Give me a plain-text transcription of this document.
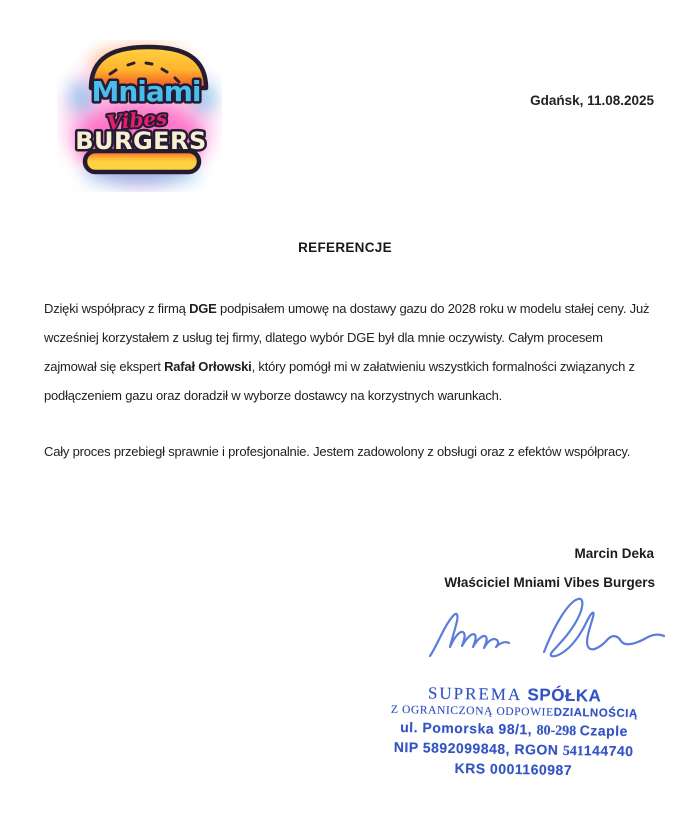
Mniami
Vibes
BURGERS
Gdańsk, 11.08.2025
REFERENCJE
Dzięki współpracy z firmą DGE podpisałem umowę na dostawy gazu do 2028 roku w modelu stałej ceny. Już wcześniej korzystałem z usług tej firmy, dlatego wybór DGE był dla mnie oczywisty. Całym procesem zajmował się ekspert Rafał Orłowski, który pomógł mi w załatwieniu wszystkich formalności związanych z podłączeniem gazu oraz doradził w wyborze dostawcy na korzystnych warunkach.
Cały proces przebiegł sprawnie i profesjonalnie. Jestem zadowolony z obsługi oraz z efektów współpracy.
Marcin Deka
Właściciel Mniami Vibes Burgers
SUPREMA SPÓŁKA
Z OGRANICZONĄ ODPOWIEDZIALNOŚCIĄ
ul. Pomorska 98/1, 80-298 Czaple
NIP 5892099848, RGON 541144740
KRS 0001160987
